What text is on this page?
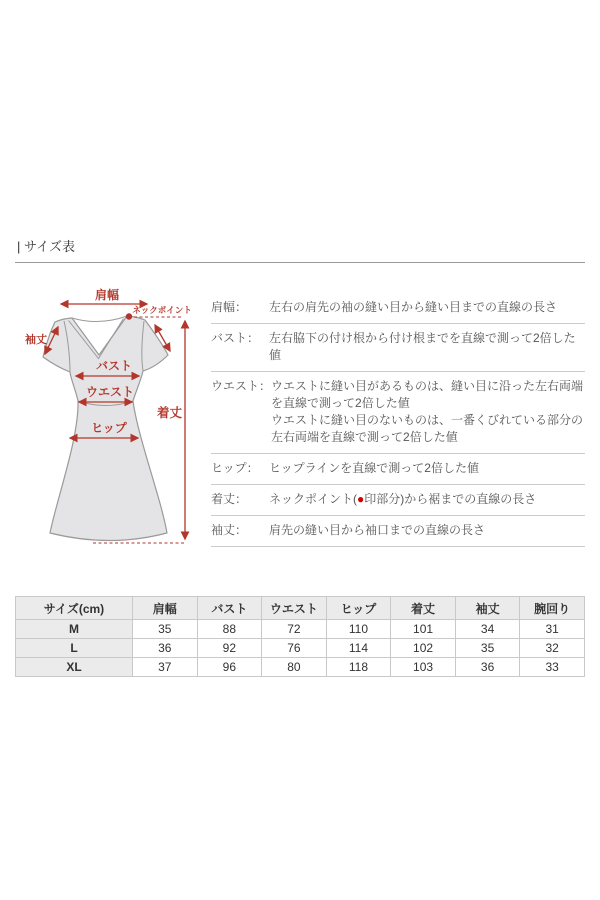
| サイズ表
肩幅
ネックポイント
袖丈
バスト
ウエスト
ヒップ
着丈
肩幅：	左右の肩先の袖の縫い目から縫い目までの直線の長さ
バスト： 左右脇下の付け根から付け根までを直線で測って2倍した値
ウエスト： ウエストに縫い目があるものは、縫い目に沿った左右両端を直線で測って2倍した値
ウエストに縫い目のないものは、一番くびれている部分の左右両端を直線で測って2倍した値
ヒップ： ヒップラインを直線で測って2倍した値
着丈：	ネックポイント(●印部分)から裾までの直線の長さ
袖丈：	肩先の縫い目から袖口までの直線の長さ
サイズ(cm)	肩幅	バスト	ウエスト	ヒップ	着丈	袖丈	腕回り
M	35	88	72	110	101	34	31
L	36	92	76	114	102	35	32
XL	37	96	80	118	103	36	33
